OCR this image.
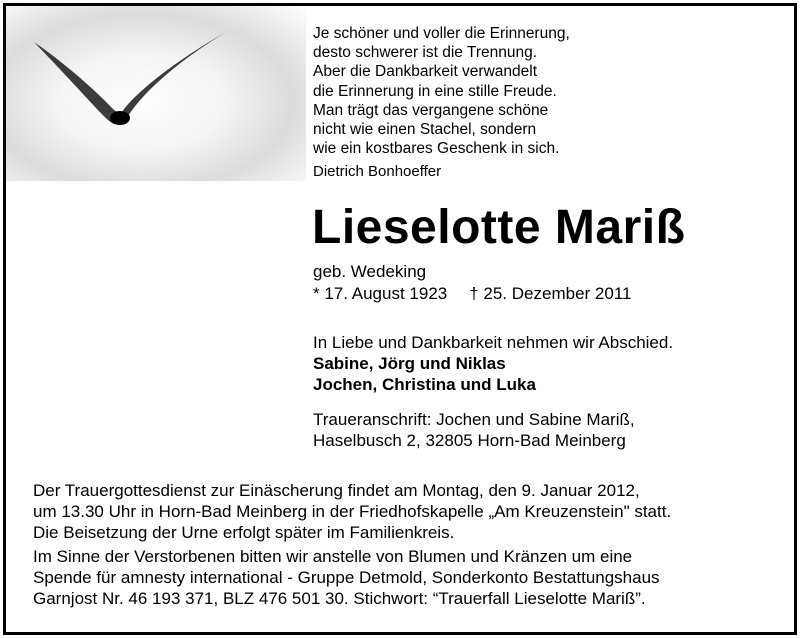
Je schöner und voller die Erinnerung,
desto schwerer ist die Trennung.
Aber die Dankbarkeit verwandelt
die Erinnerung in eine stille Freude.
Man trägt das vergangene schöne
nicht wie einen Stachel, sondern
wie ein kostbares Geschenk in sich.
Dietrich Bonhoeffer
Lieselotte Mariß
geb. Wedeking
* 17. August 1923 † 25. Dezember 2011
In Liebe und Dankbarkeit nehmen wir Abschied.
Sabine, Jörg und Niklas
Jochen, Christina und Luka
Traueranschrift: Jochen und Sabine Mariß,
Haselbusch 2, 32805 Horn-Bad Meinberg
Der Trauergottesdienst zur Einäscherung findet am Montag, den 9. Januar 2012,
um 13.30 Uhr in Horn-Bad Meinberg in der Friedhofskapelle „Am Kreuzenstein" statt.
Die Beisetzung der Urne erfolgt später im Familienkreis.
Im Sinne der Verstorbenen bitten wir anstelle von Blumen und Kränzen um eine
Spende für amnesty international - Gruppe Detmold, Sonderkonto Bestattungshaus
Garnjost Nr. 46 193 371, BLZ 476 501 30. Stichwort: “Trauerfall Lieselotte Mariß”.
